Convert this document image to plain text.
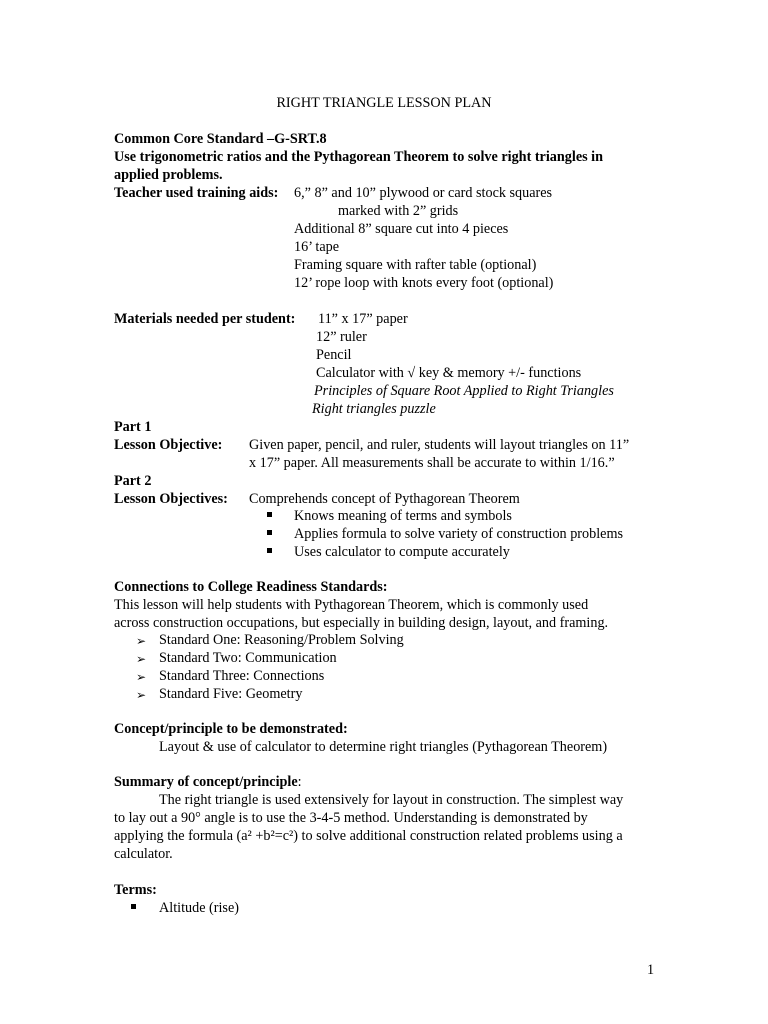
RIGHT TRIANGLE LESSON PLAN
Common Core Standard –G-SRT.8
Use trigonometric ratios and the Pythagorean Theorem to solve right triangles in
applied problems.
Teacher used training aids: 6,” 8” and 10” plywood or card stock squares
marked with 2” grids
Additional 8” square cut into 4 pieces
16’ tape
Framing square with rafter table (optional)
12’ rope loop with knots every foot (optional)
Materials needed per student: 11” x 17” paper
12” ruler
Pencil
Calculator with √ key & memory +/- functions
Principles of Square Root Applied to Right Triangles
Right triangles puzzle
Part 1
Lesson Objective: Given paper, pencil, and ruler, students will layout triangles on 11”
x 17” paper. All measurements shall be accurate to within 1/16.”
Part 2
Lesson Objectives: Comprehends concept of Pythagorean Theorem
Knows meaning of terms and symbols
Applies formula to solve variety of construction problems
Uses calculator to compute accurately
Connections to College Readiness Standards:
This lesson will help students with Pythagorean Theorem, which is commonly used
across construction occupations, but especially in building design, layout, and framing.
➢ Standard One: Reasoning/Problem Solving
➢ Standard Two: Communication
➢ Standard Three: Connections
➢ Standard Five: Geometry
Concept/principle to be demonstrated:
Layout & use of calculator to determine right triangles (Pythagorean Theorem)
Summary of concept/principle:
The right triangle is used extensively for layout in construction. The simplest way
to lay out a 90° angle is to use the 3-4-5 method. Understanding is demonstrated by
applying the formula (a² +b²=c²) to solve additional construction related problems using a
calculator.
Terms:
Altitude (rise)
1
